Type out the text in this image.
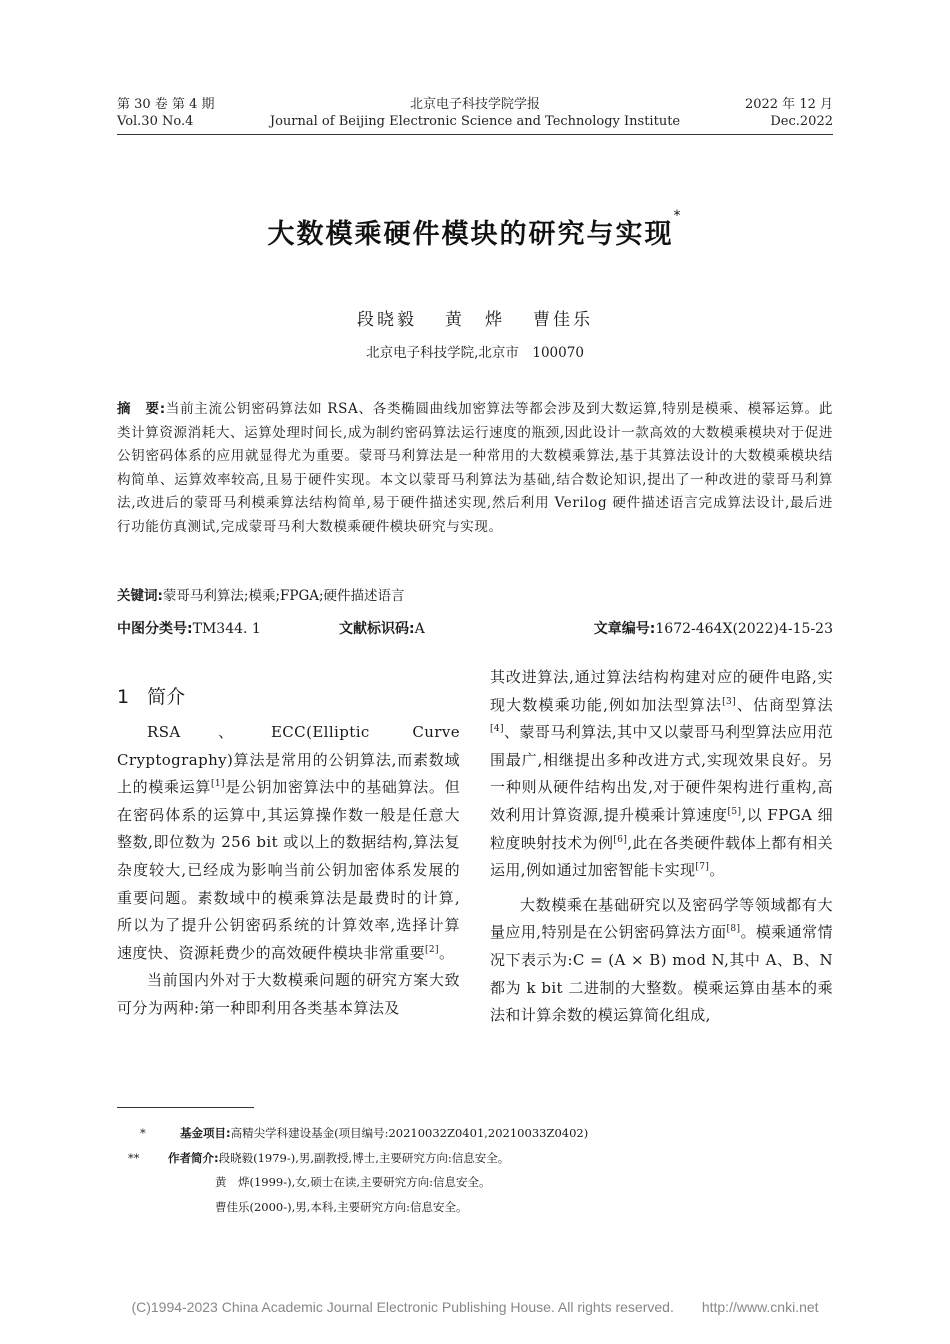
第 30 卷 第 4 期
Vol.30 No.4
北京电子科技学院学报
Journal of Beijing Electronic Science and Technology Institute
2022 年 12 月
Dec.2022
大数模乘硬件模块的研究与实现*
段晓毅 黄　烨 曹佳乐
北京电子科技学院,北京市　100070
摘　要:当前主流公钥密码算法如 RSA、各类椭圆曲线加密算法等都会涉及到大数运算,特别是模乘、模幂运算。此类计算资源消耗大、运算处理时间长,成为制约密码算法运行速度的瓶颈,因此设计一款高效的大数模乘模块对于促进公钥密码体系的应用就显得尤为重要。蒙哥马利算法是一种常用的大数模乘算法,基于其算法设计的大数模乘模块结构简单、运算效率较高,且易于硬件实现。本文以蒙哥马利算法为基础,结合数论知识,提出了一种改进的蒙哥马利算法,改进后的蒙哥马利模乘算法结构简单,易于硬件描述实现,然后利用 Verilog 硬件描述语言完成算法设计,最后进行功能仿真测试,完成蒙哥马利大数模乘硬件模块研究与实现。
关键词:蒙哥马利算法;模乘;FPGA;硬件描述语言
中图分类号:TM344. 1	文献标识码:A	文章编号:1672-464X(2022)4-15-23
1 简介

RSA、ECC(Elliptic Curve Cryptography)算法是常用的公钥算法,而素数域上的模乘运算[1]是公钥加密算法中的基础算法。但在密码体系的运算中,其运算操作数一般是任意大整数,即位数为 256 bit 或以上的数据结构,算法复杂度较大,已经成为影响当前公钥加密体系发展的重要问题。素数域中的模乘算法是最费时的计算,所以为了提升公钥密码系统的计算效率,选择计算速度快、资源耗费少的高效硬件模块非常重要[2]。

当前国内外对于大数模乘问题的研究方案大致可分为两种:第一种即利用各类基本算法及

其改进算法,通过算法结构构建对应的硬件电路,实现大数模乘功能,例如加法型算法[3]、估商型算法[4]、蒙哥马利算法,其中又以蒙哥马利型算法应用范围最广,相继提出多种改进方式,实现效果良好。另一种则从硬件结构出发,对于硬件架构进行重构,高效利用计算资源,提升模乘计算速度[5],以 FPGA 细粒度映射技术为例[6],此在各类硬件载体上都有相关运用,例如通过加密智能卡实现[7]。

大数模乘在基础研究以及密码学等领域都有大量应用,特别是在公钥密码算法方面[8]。模乘通常情况下表示为:C = (A × B) mod N,其中 A、B、N 都为 k bit 二进制的大整数。模乘运算由基本的乘法和计算余数的模运算简化组成,

*	基金项目:高精尖学科建设基金(项目编号:20210032Z0401,20210033Z0402)
** 作者简介:段晓毅(1979-),男,副教授,博士,主要研究方向:信息安全。
黄　烨(1999-),女,硕士在读,主要研究方向:信息安全。
曹佳乐(2000-),男,本科,主要研究方向:信息安全。
(C)1994-2023 China Academic Journal Electronic Publishing House. All rights reserved.　　http://www.cnki.net
